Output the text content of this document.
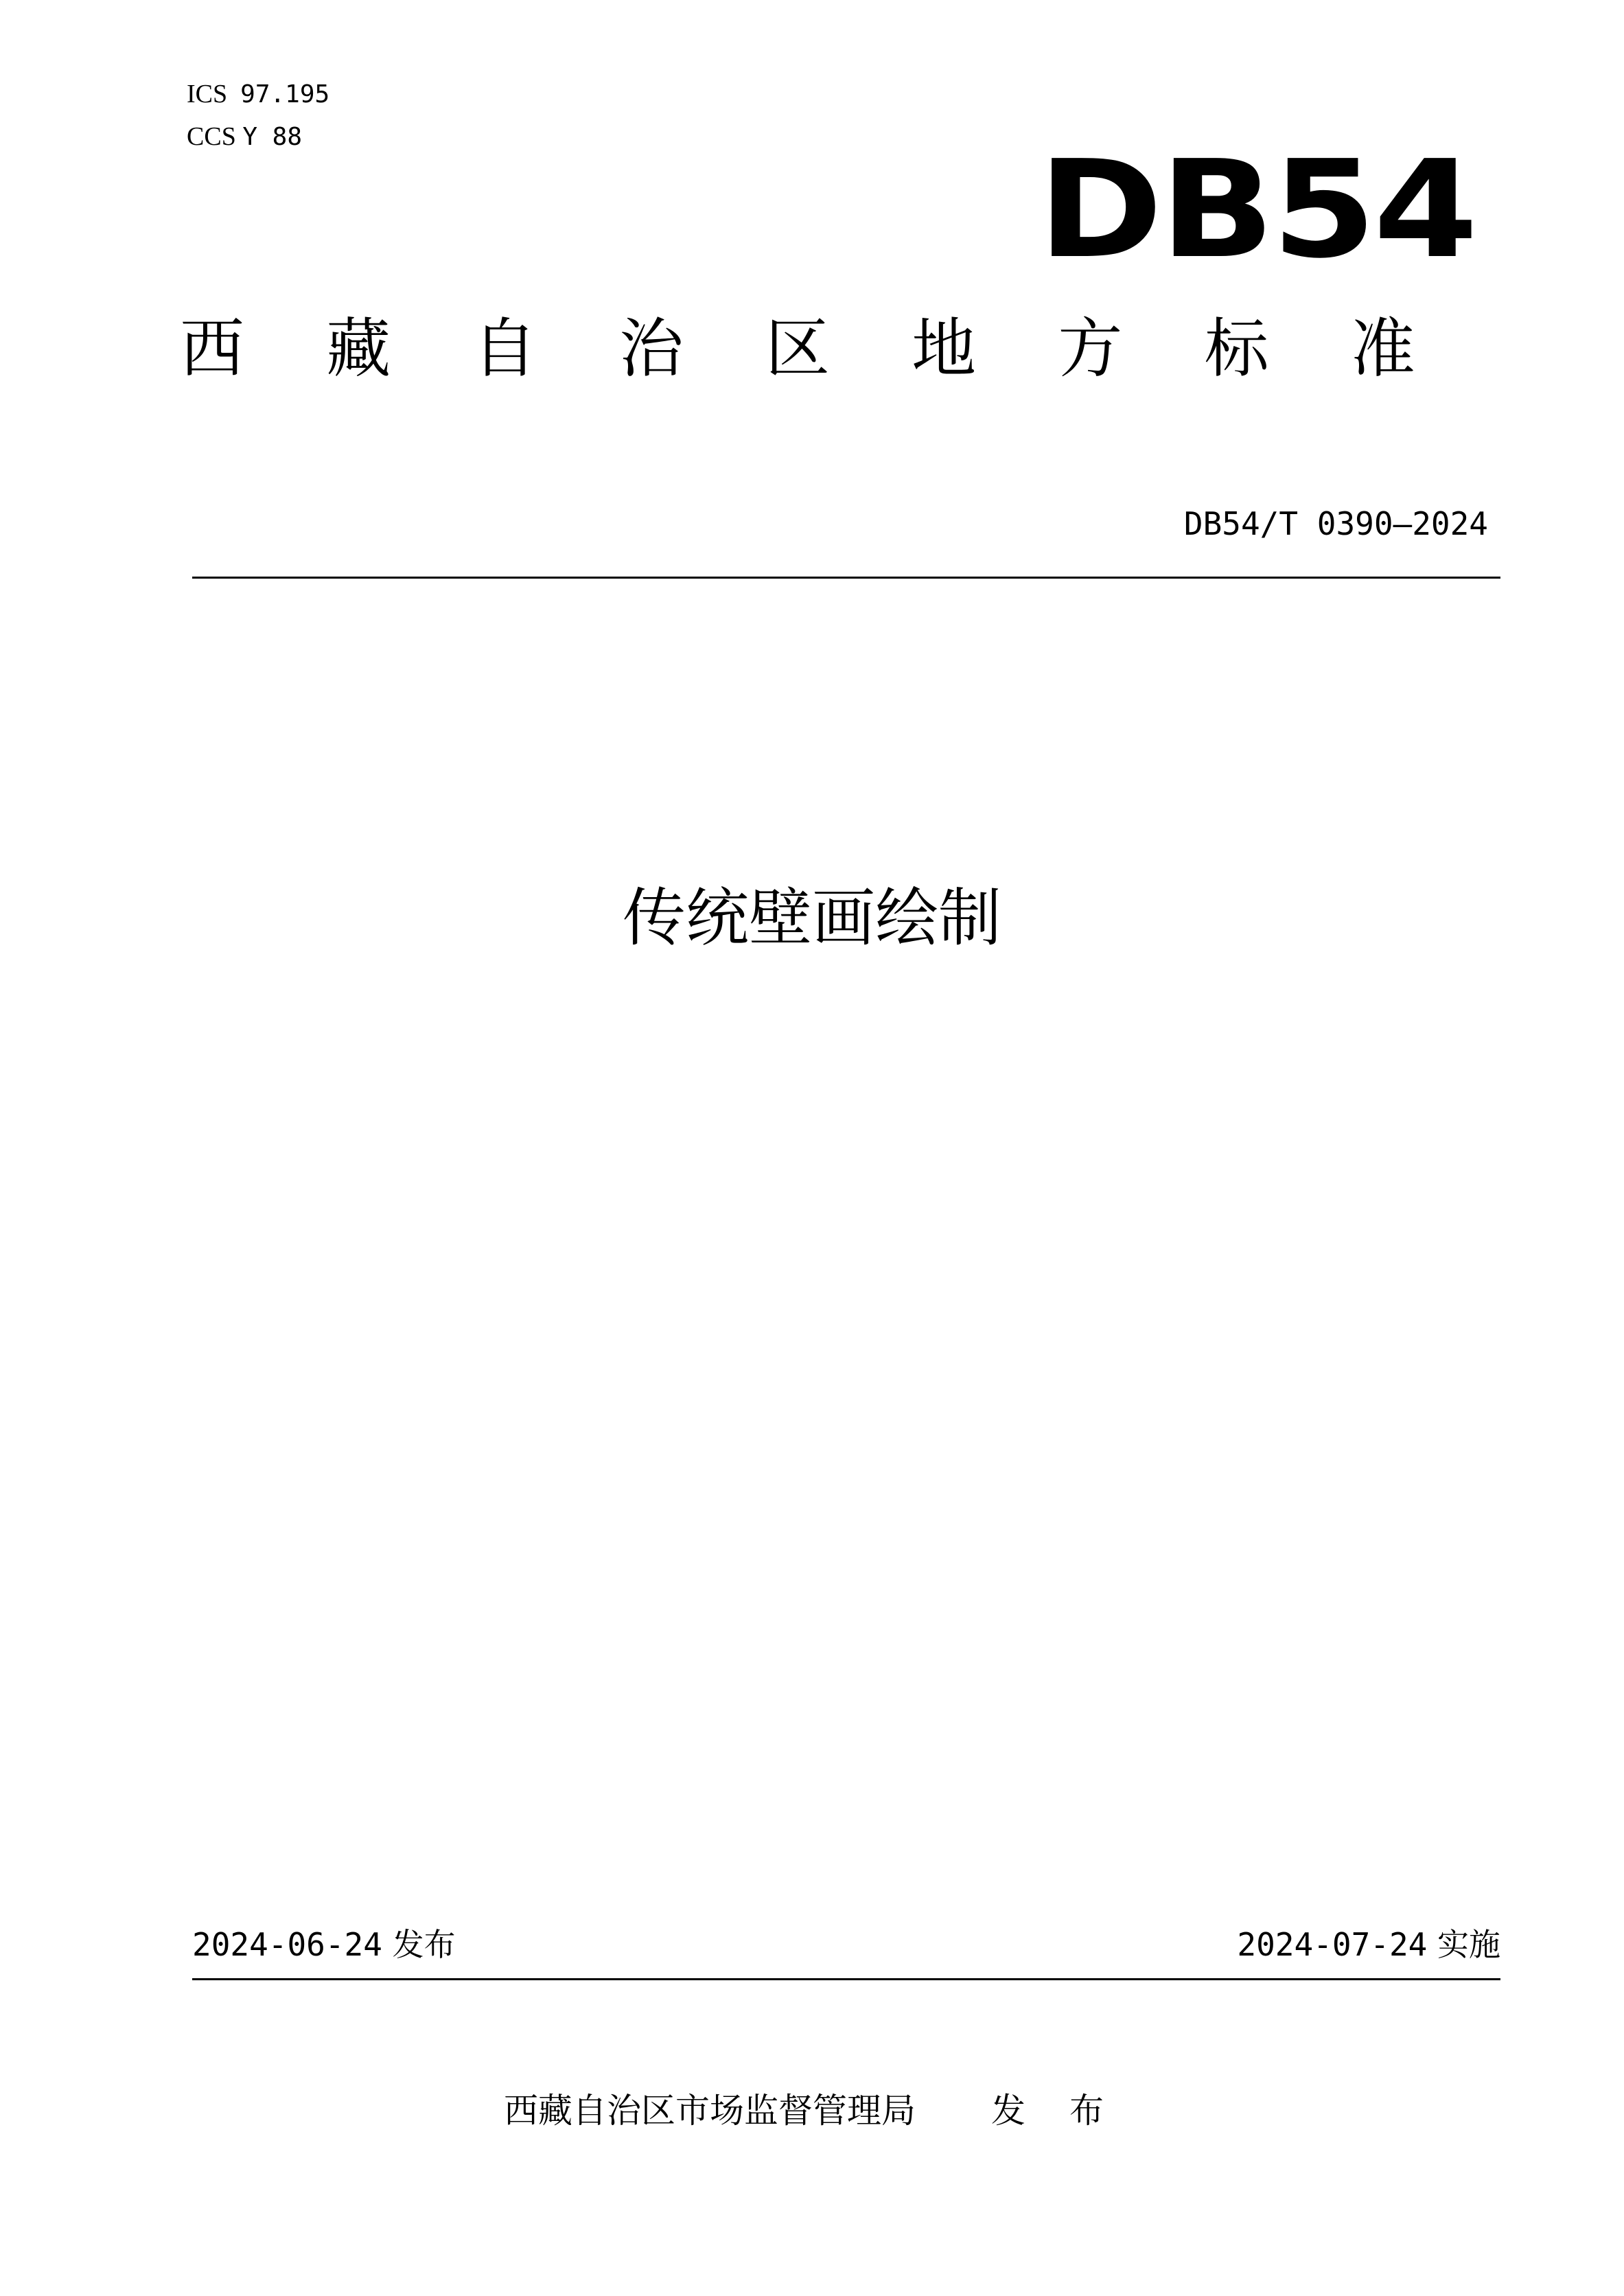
ICS 97.195
CCS Y 88	DB54
西 藏 自 治 区 地 方 标 准
DB54/T 0390—2024
传统壁画绘制
2024-06-24 发布	2024-07-24 实施
西藏自治区市场监督管理局 发 布
